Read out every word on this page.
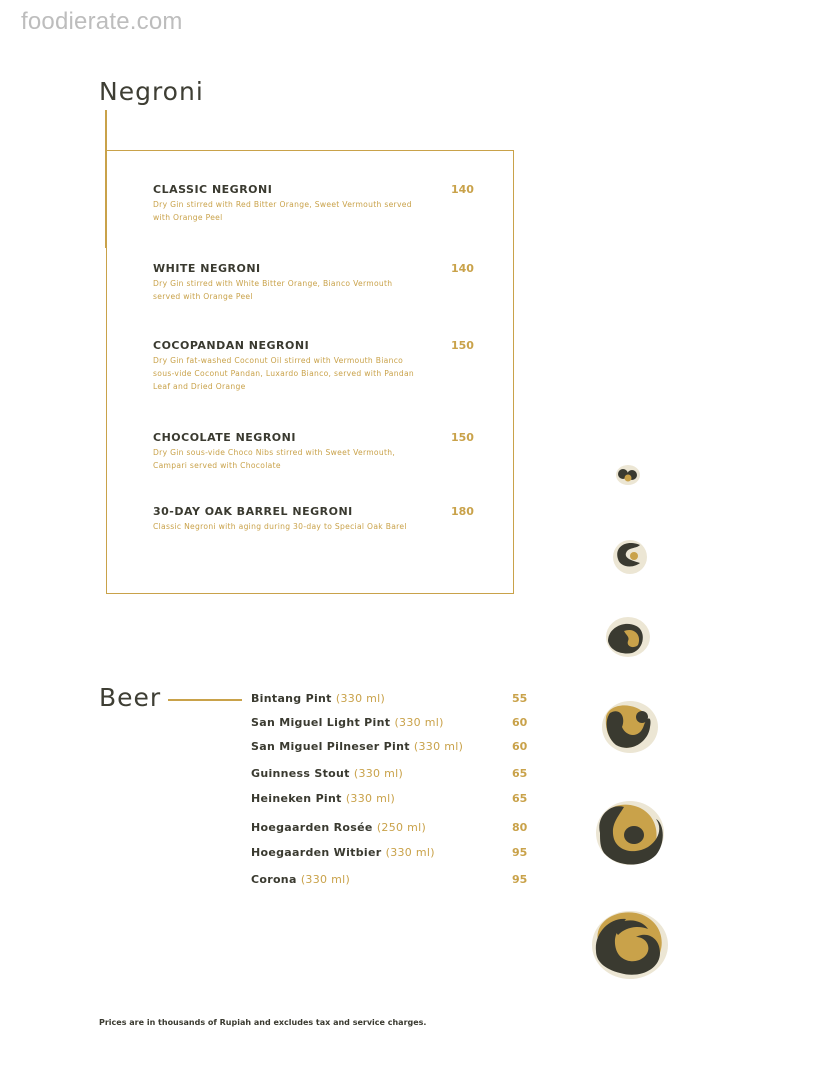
foodierate.com
Negroni
CLASSIC NEGRONI
Dry Gin stirred with Red Bitter Orange, Sweet Vermouth served with Orange Peel
140
WHITE NEGRONI
Dry Gin stirred with White Bitter Orange, Bianco Vermouth served with Orange Peel
140
COCOPANDAN NEGRONI
Dry Gin fat-washed Coconut Oil stirred with Vermouth Bianco sous-vide Coconut Pandan, Luxardo Bianco, served with Pandan Leaf and Dried Orange
150
CHOCOLATE NEGRONI
Dry Gin sous-vide Choco Nibs stirred with Sweet Vermouth, Campari served with Chocolate
150
30-DAY OAK BARREL NEGRONI
Classic Negroni with aging during 30-day to Special Oak Barel
180
Beer	Bintang Pint (330 ml)	55
San Miguel Light Pint (330 ml)	60
San Miguel Pilneser Pint (330 ml)	60
Guinness Stout (330 ml)	65
Heineken Pint (330 ml)	65
Hoegaarden Rosée (250 ml)	80
Hoegaarden Witbier (330 ml)	95
Corona (330 ml)	95
Prices are in thousands of Rupiah and excludes tax and service charges.
